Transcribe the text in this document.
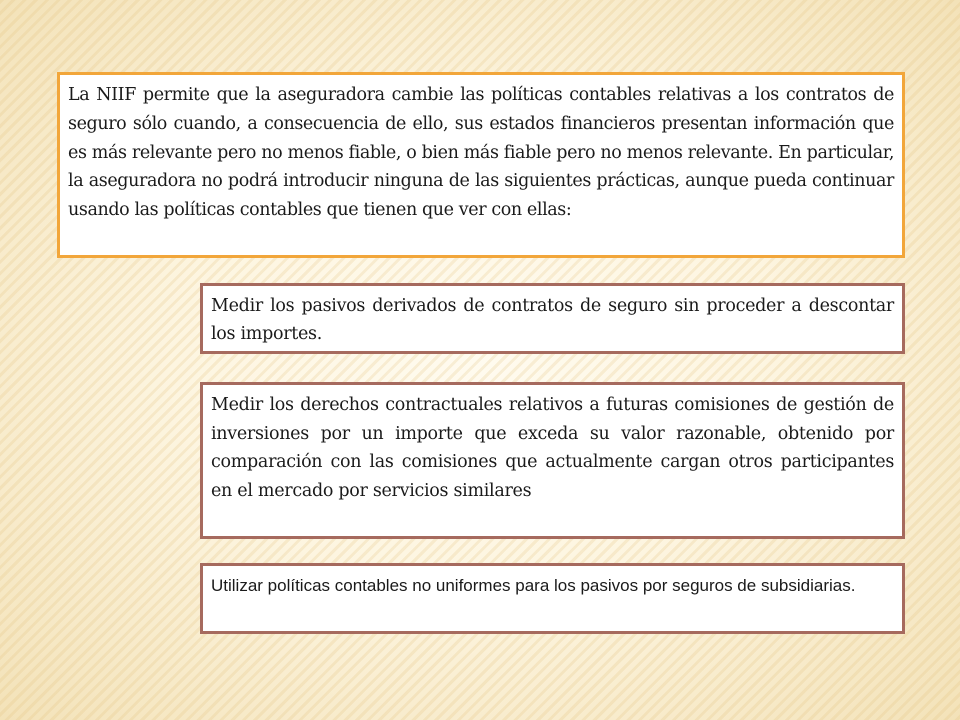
La NIIF permite que la aseguradora cambie las políticas contables relativas a los contratos de seguro sólo cuando, a consecuencia de ello, sus estados financieros presentan información que es más relevante pero no menos fiable, o bien más fiable pero no menos relevante. En particular, la aseguradora no podrá introducir ninguna de las siguientes prácticas, aunque pueda continuar usando las políticas contables que tienen que ver con ellas:
Medir los pasivos derivados de contratos de seguro sin proceder a descontar los importes.
Medir los derechos contractuales relativos a futuras comisiones de gestión de inversiones por un importe que exceda su valor razonable, obtenido por comparación con las comisiones que actualmente cargan otros participantes en el mercado por servicios similares
Utilizar políticas contables no uniformes para los pasivos por seguros de subsidiarias.
